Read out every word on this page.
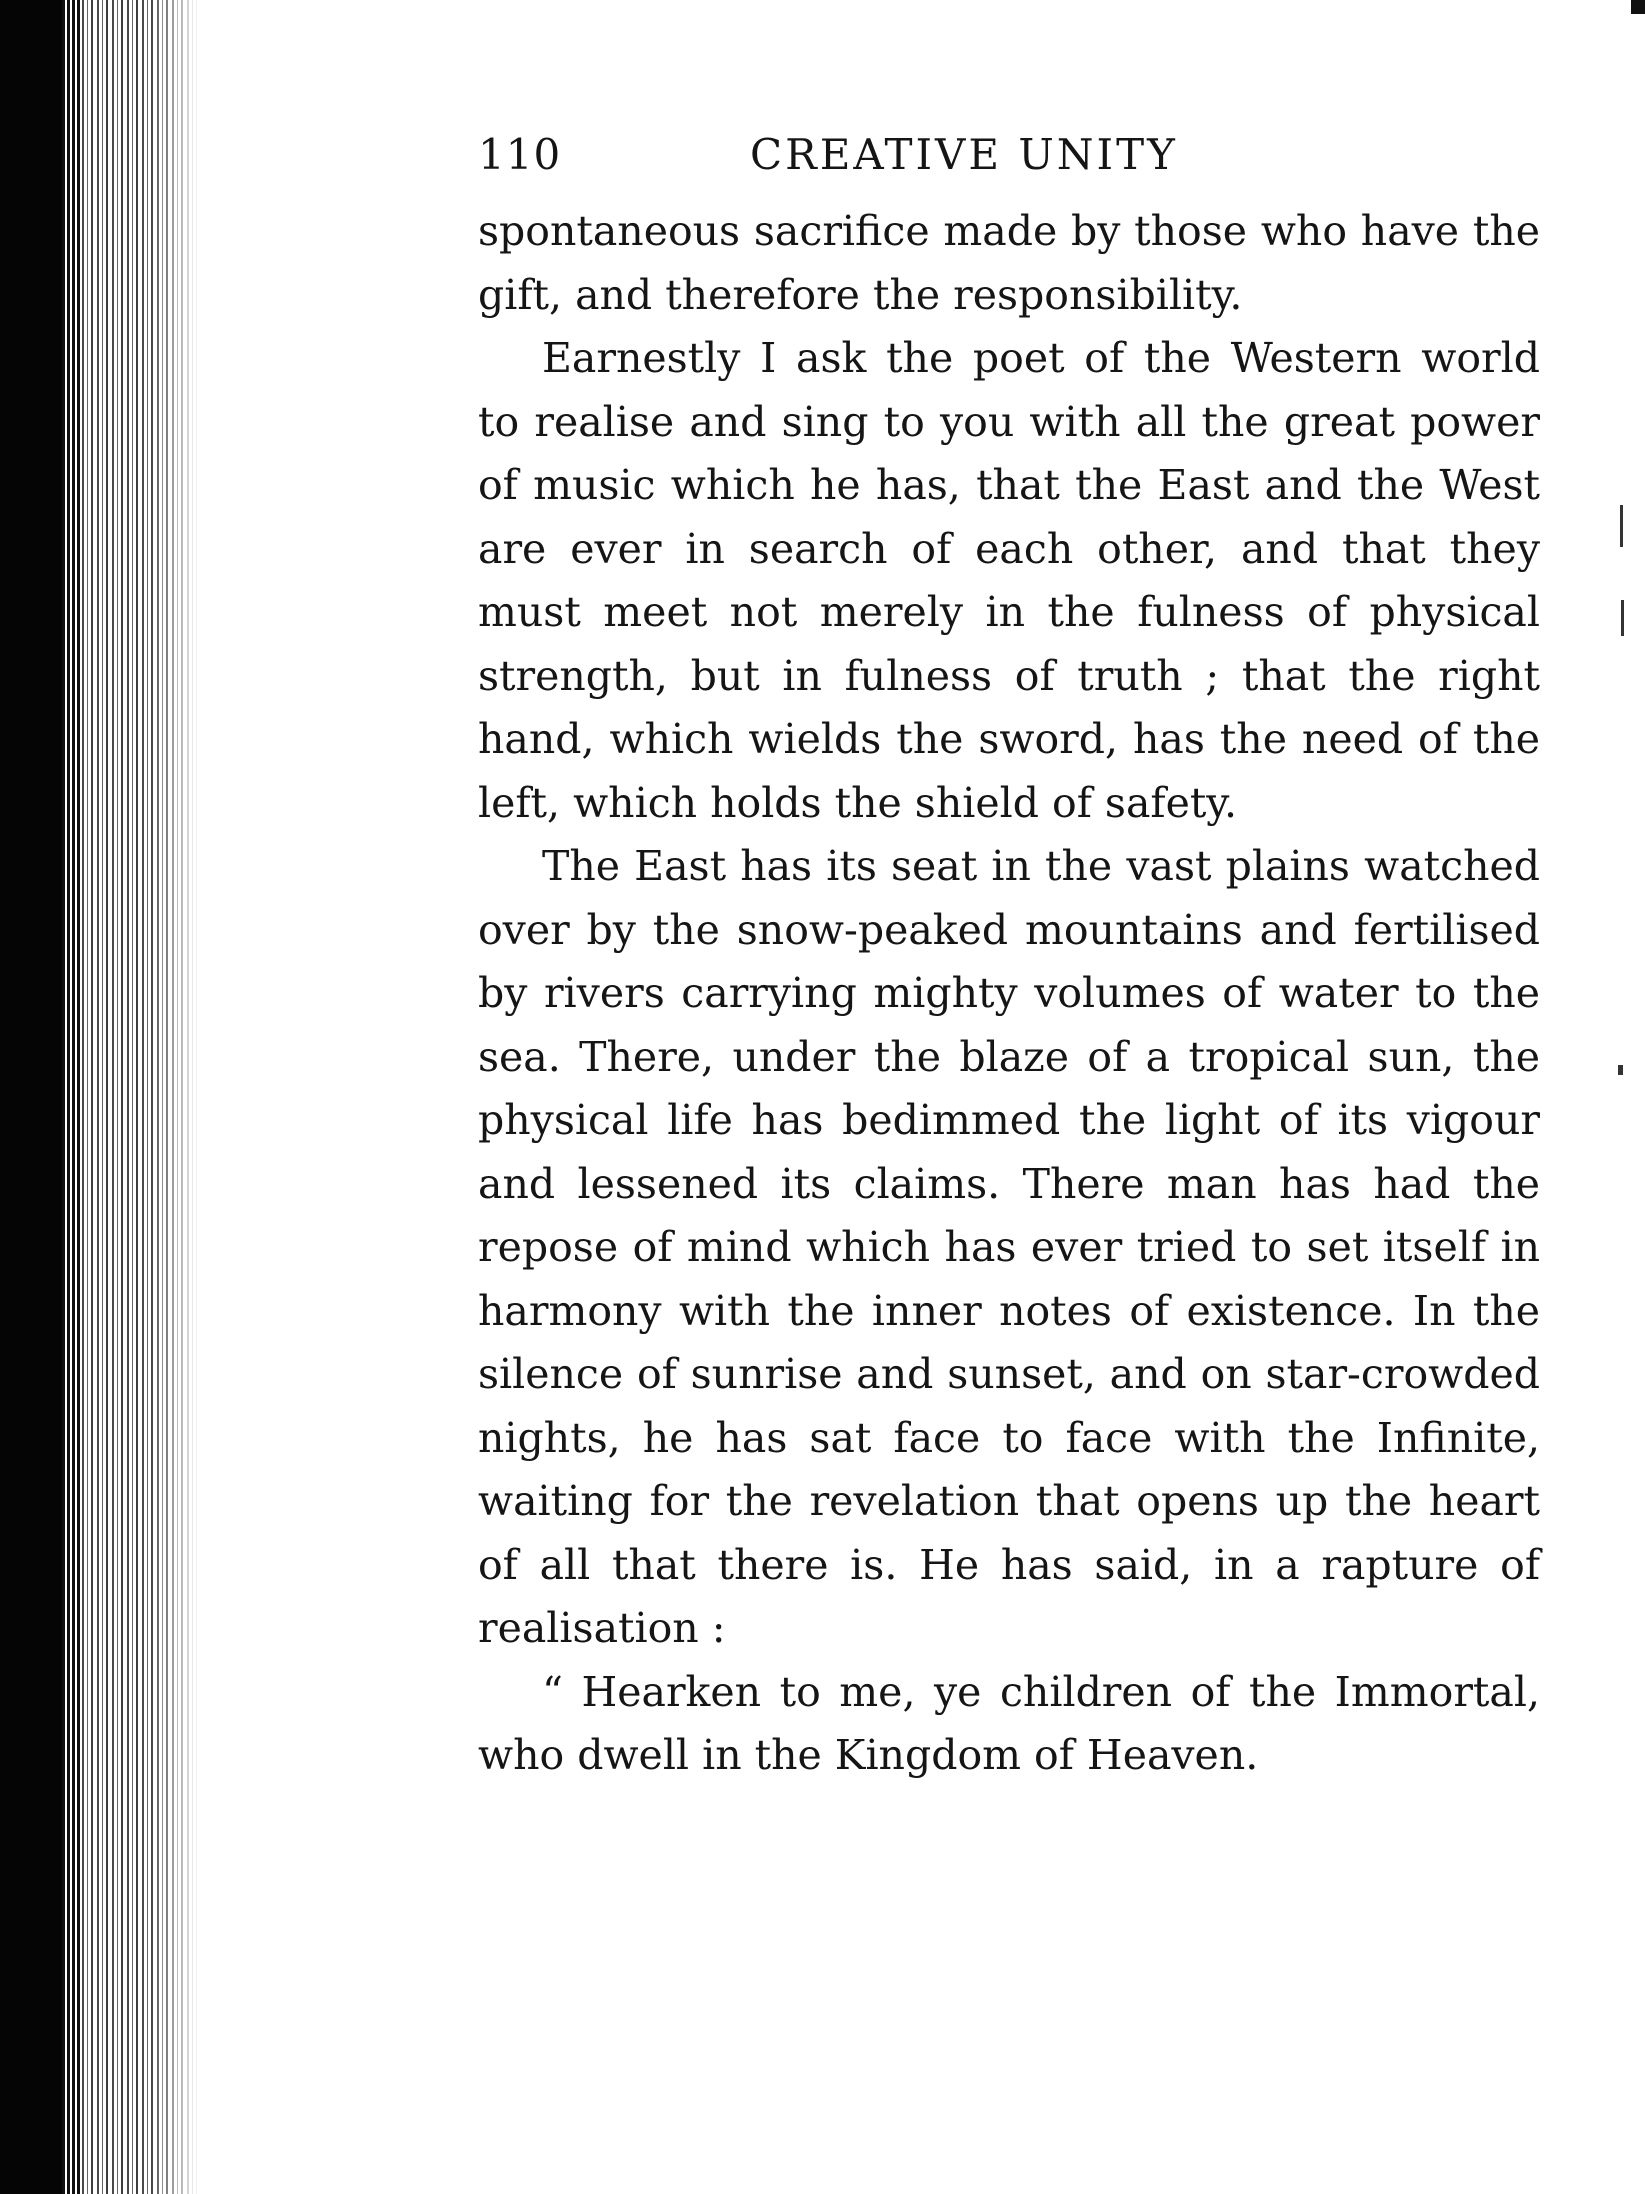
110	CREATIVE UNITY

spontaneous sacrifice made by those who have the gift, and therefore the responsibility.

Earnestly I ask the poet of the Western world to realise and sing to you with all the great power of music which he has, that the East and the West are ever in search of each other, and that they must meet not merely in the fulness of physical strength, but in fulness of truth ; that the right hand, which wields the sword, has the need of the left, which holds the shield of safety.

The East has its seat in the vast plains watched over by the snow-peaked mountains and fertilised by rivers carrying mighty volumes of water to the sea. There, under the blaze of a tropical sun, the physical life has bedimmed the light of its vigour and lessened its claims. There man has had the repose of mind which has ever tried to set itself in harmony with the inner notes of existence. In the silence of sunrise and sunset, and on star-crowded nights, he has sat face to face with the Infinite, waiting for the revelation that opens up the heart of all that there is. He has said, in a rapture of realisation :

“ Hearken to me, ye children of the Immortal, who dwell in the Kingdom of Heaven.
